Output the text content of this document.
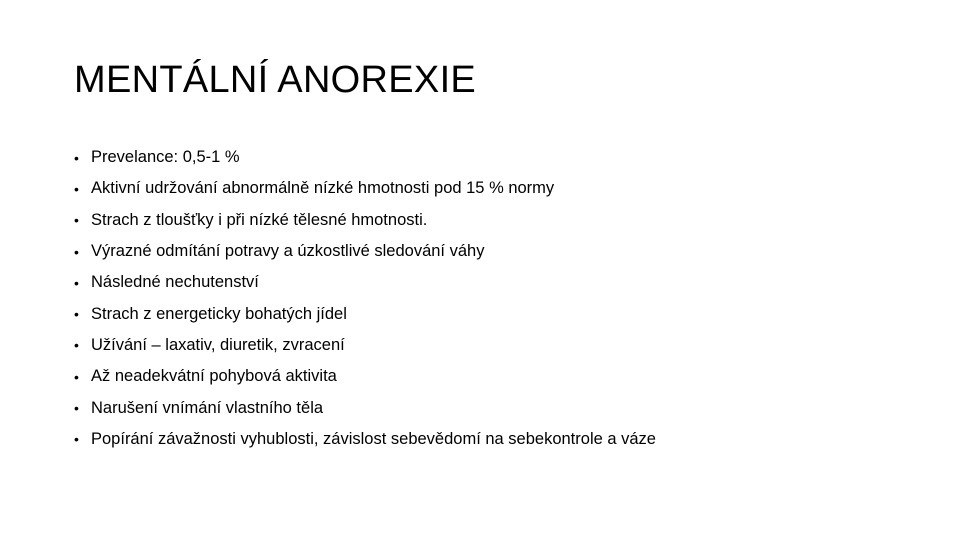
MENTÁLNÍ ANOREXIE
• Prevelance: 0,5-1 %
• Aktivní udržování abnormálně nízké hmotnosti pod 15 % normy
• Strach z tloušťky i při nízké tělesné hmotnosti.
• Výrazné odmítání potravy a úzkostlivé sledování váhy
• Následné nechutenství
• Strach z energeticky bohatých jídel
• Užívání – laxativ, diuretik, zvracení
• Až neadekvátní pohybová aktivita
• Narušení vnímání vlastního těla
• Popírání závažnosti vyhublosti, závislost sebevědomí na sebekontrole a váze
